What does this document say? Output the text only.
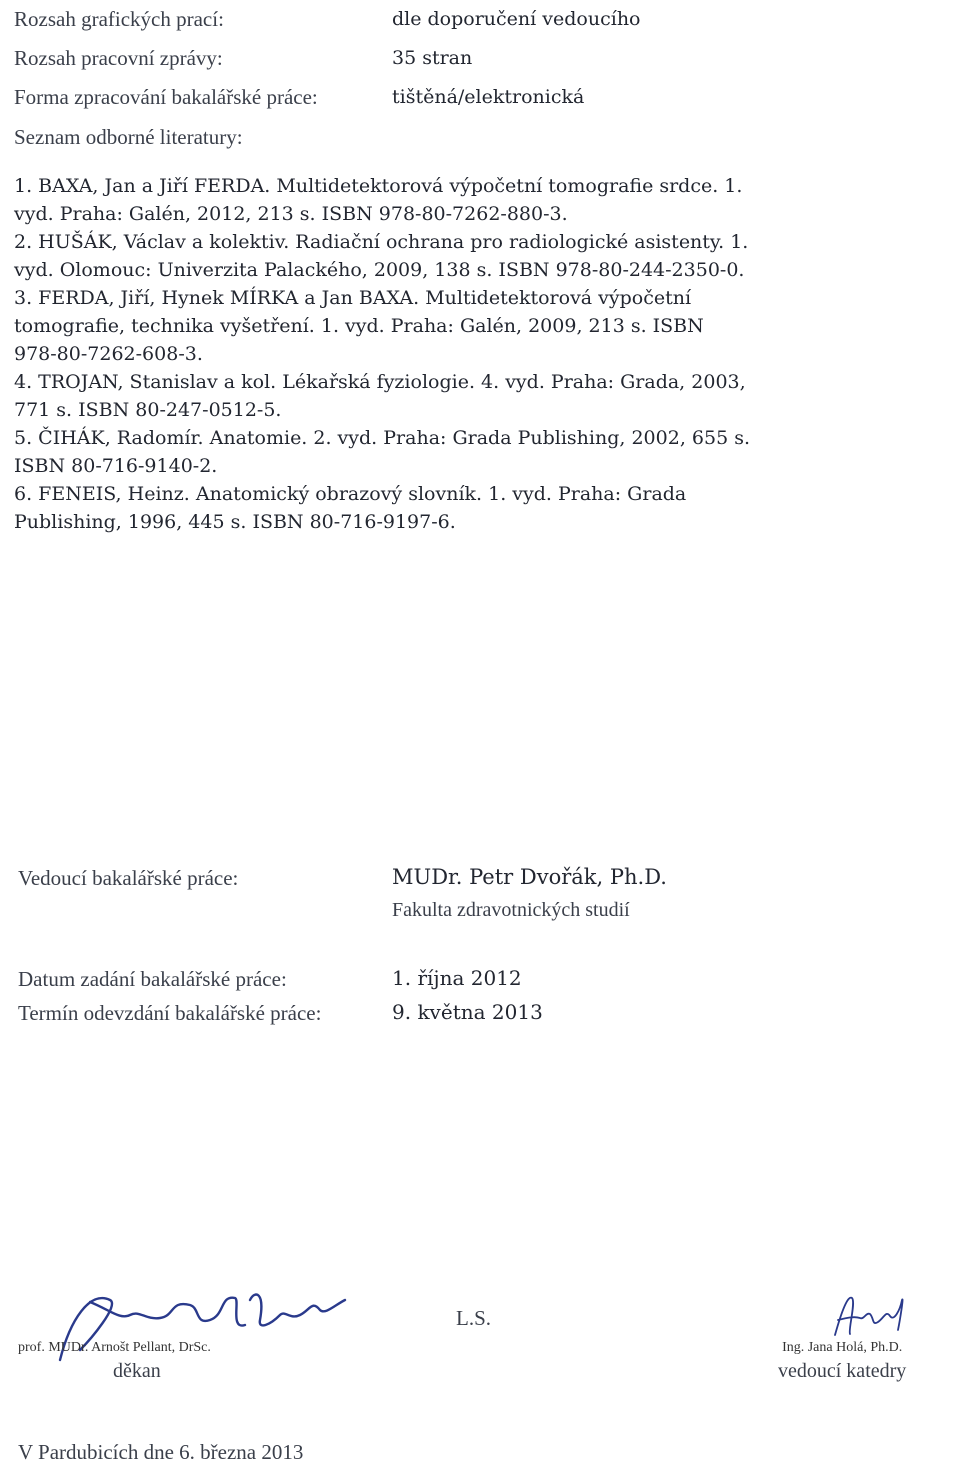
Rozsah grafických prací:	dle doporučení vedoucího
Rozsah pracovní zprávy:	35 stran
Forma zpracování bakalářské práce:	tištěná/elektronická
Seznam odborné literatury:
1. BAXA, Jan a Jiří FERDA. Multidetektorová výpočetní tomografie srdce. 1.
vyd. Praha: Galén, 2012, 213 s. ISBN 978-80-7262-880-3.
2. HUŠÁK, Václav a kolektiv. Radiační ochrana pro radiologické asistenty. 1.
vyd. Olomouc: Univerzita Palackého, 2009, 138 s. ISBN 978-80-244-2350-0.
3. FERDA, Jiří, Hynek MÍRKA a Jan BAXA. Multidetektorová výpočetní
tomografie, technika vyšetření. 1. vyd. Praha: Galén, 2009, 213 s. ISBN
978-80-7262-608-3.
4. TROJAN, Stanislav a kol. Lékařská fyziologie. 4. vyd. Praha: Grada, 2003,
771 s. ISBN 80-247-0512-5.
5. ČIHÁK, Radomír. Anatomie. 2. vyd. Praha: Grada Publishing, 2002, 655 s.
ISBN 80-716-9140-2.
6. FENEIS, Heinz. Anatomický obrazový slovník. 1. vyd. Praha: Grada
Publishing, 1996, 445 s. ISBN 80-716-9197-6.
Vedoucí bakalářské práce:	MUDr. Petr Dvořák, Ph.D.
Fakulta zdravotnických studií
Datum zadání bakalářské práce:	1. října 2012
Termín odevzdání bakalářské práce:	9. května 2013
prof. MUDr. Arnošt Pellant, DrSc.
děkan
L.S.
Ing. Jana Holá, Ph.D.
vedoucí katedry
V Pardubicích dne 6. března 2013
